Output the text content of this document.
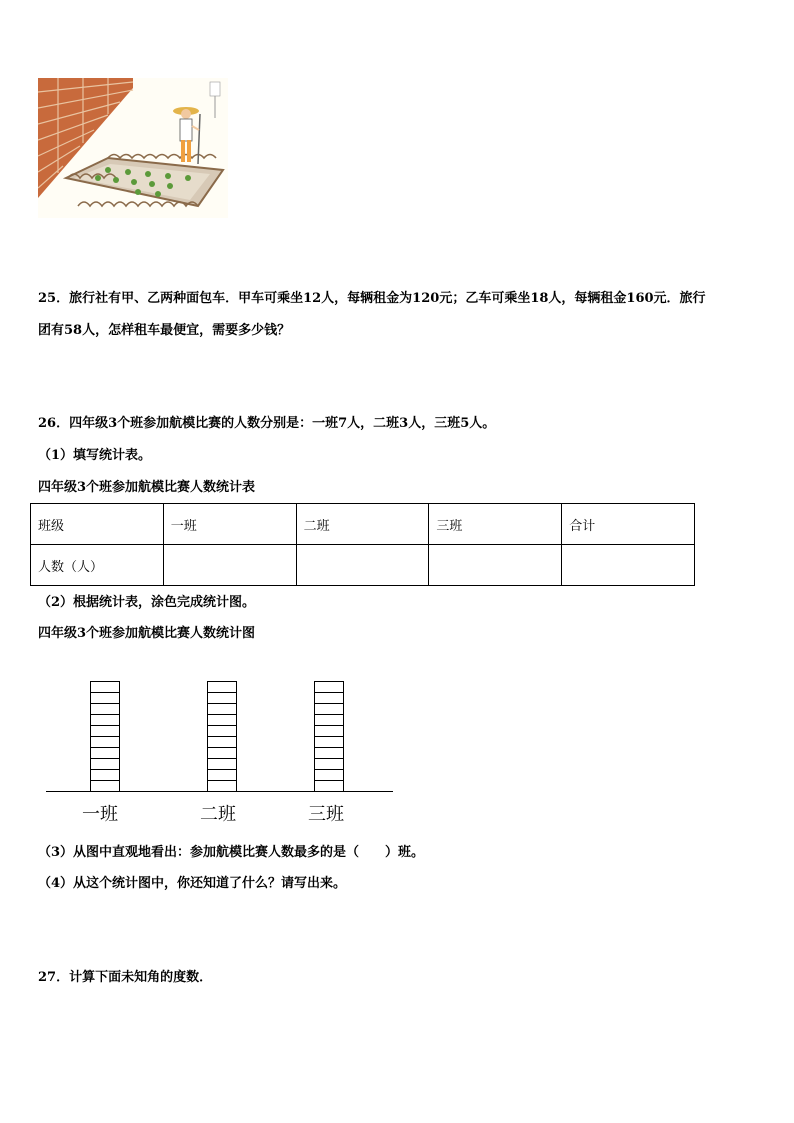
25．旅行社有甲、乙两种面包车．甲车可乘坐12人，每辆租金为120元；乙车可乘坐18人，每辆租金160元．旅行
团有58人，怎样租车最便宜，需要多少钱？
26．四年级3个班参加航模比赛的人数分别是：一班7人，二班3人，三班5人。
（1）填写统计表。
四年级3个班参加航模比赛人数统计表
班级	一班	二班	三班	合计
人数（人）				
（2）根据统计表，涂色完成统计图。
四年级3个班参加航模比赛人数统计图
一班	二班	三班
（3）从图中直观地看出：参加航模比赛人数最多的是（　　）班。
（4）从这个统计图中，你还知道了什么？请写出来。
27．计算下面未知角的度数．
